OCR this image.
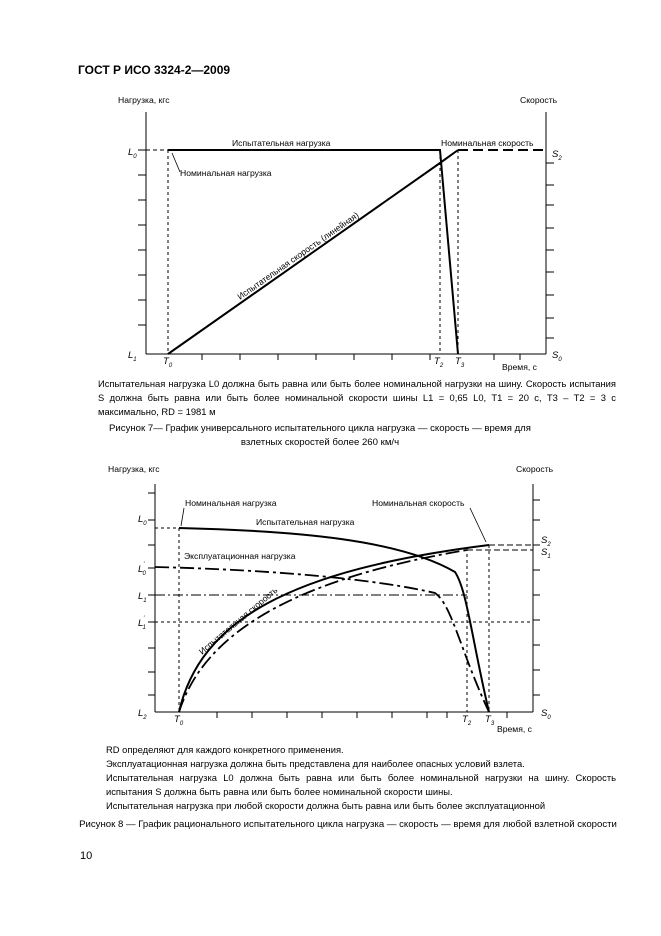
ГОСТ Р ИСО 3324-2—2009
Нагрузка, кгс	Скорость
Испытательная нагрузка	Номинальная скорость
Номинальная нагрузка
Испытательная скорость (линейная)
$L_0$
$L_1$
$S_2$
$S_0$
$T_0$	$T_2$ $T_3$	Время, с
Испытательная нагрузка L0 должна быть равна или быть более номинальной нагрузки на шину. Скорость испытания S должна быть равна или быть более номинальной скорости шины L1 = 0,65 L0, T1 = 20 с, T3 – T2 = 3 с максимально, RD = 1981 м
Рисунок 7— График универсального испытательного цикла нагрузка — скорость — время для взлетных скоростей более 260 км/ч
Нагрузка, кгс	Скорость
Номинальная нагрузка	Номинальная скорость
Испытательная нагрузка
Эксплуатационная нагрузка
Испытательная скорость
$L_0$
L' 0
$L_1$
L' 1
$L_2$
$S_2$
$S_1$
$S_0$
$T_0$	$T_2$ $T_3$ Время, с
RD определяют для каждого конкретного применения.
Эксплуатационная нагрузка должна быть представлена для наиболее опасных условий взлета.
Испытательная нагрузка L0 должна быть равна или быть более номинальной нагрузки на шину. Скорость испытания S должна быть равна или быть более номинальной скорости шины.
Испытательная нагрузка при любой скорости должна быть равна или быть более эксплуатационной
Рисунок 8 — График рационального испытательного цикла нагрузка — скорость — время для любой взлетной скорости
10
